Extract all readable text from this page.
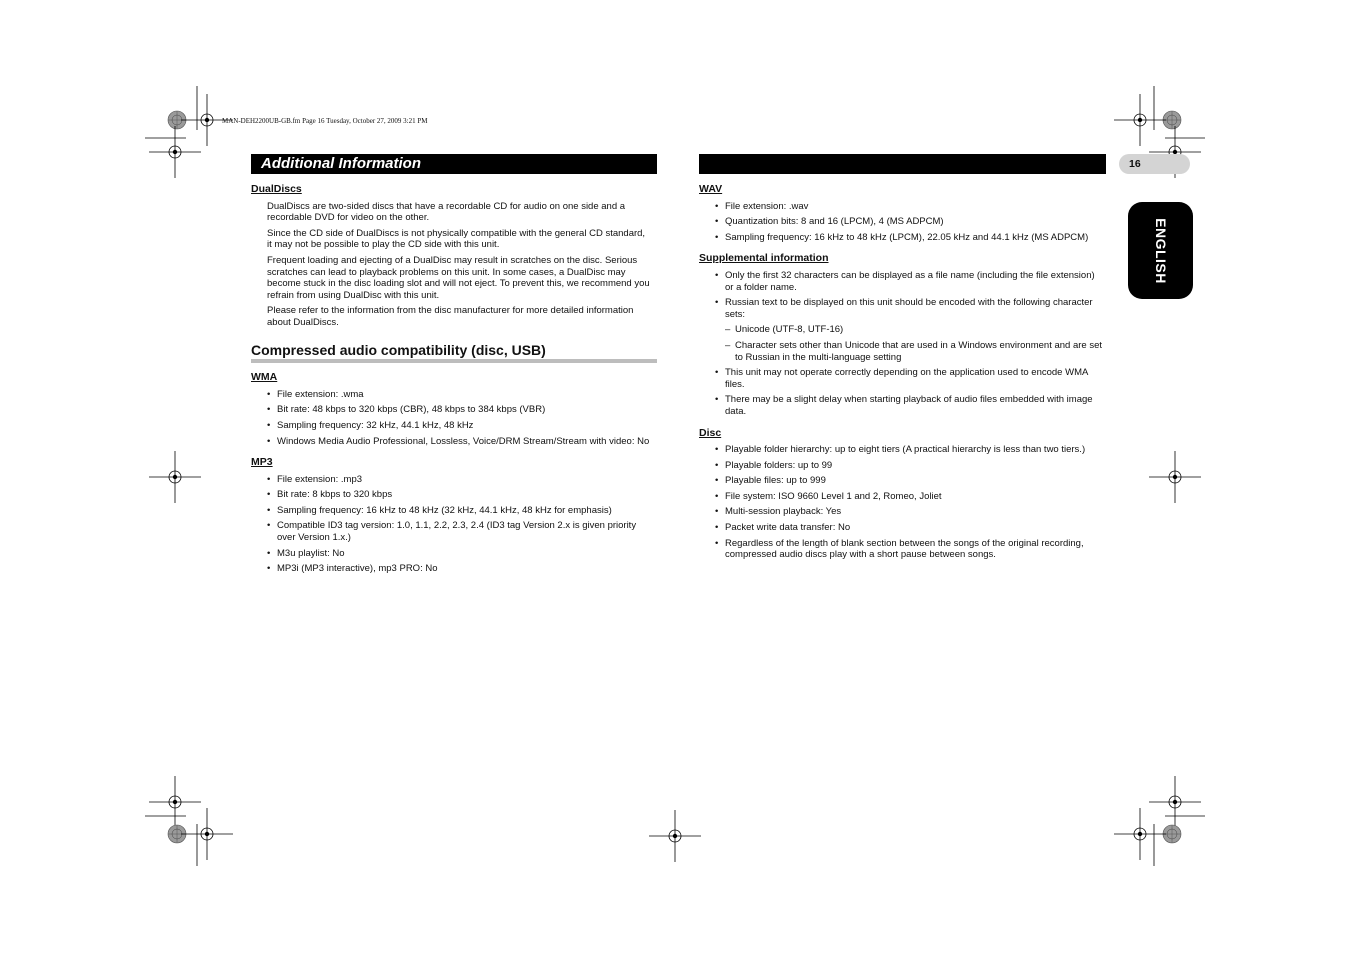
MAN-DEH2200UB-GB.fm Page 16 Tuesday, October 27, 2009 3:21 PM
Additional Information	16
ENGLISH
DualDiscs

DualDiscs are two-sided discs that have a recordable CD for audio on one side and a recordable DVD for video on the other.

Since the CD side of DualDiscs is not physically compatible with the general CD standard, it may not be possible to play the CD side with this unit.

Frequent loading and ejecting of a DualDisc may result in scratches on the disc. Serious scratches can lead to playback problems on this unit. In some cases, a DualDisc may become stuck in the disc loading slot and will not eject. To prevent this, we recommend you refrain from using DualDisc with this unit.

Please refer to the information from the disc manufacturer for more detailed information about DualDiscs.

Compressed audio compatibility (disc, USB)
WMA
• File extension: .wma
• Bit rate: 48 kbps to 320 kbps (CBR), 48 kbps to 384 kbps (VBR)
• Sampling frequency: 32 kHz, 44.1 kHz, 48 kHz
• Windows Media Audio Professional, Lossless, Voice/DRM Stream/Stream with video: No
MP3
• File extension: .mp3
• Bit rate: 8 kbps to 320 kbps
• Sampling frequency: 16 kHz to 48 kHz (32 kHz, 44.1 kHz, 48 kHz for emphasis)
• Compatible ID3 tag version: 1.0, 1.1, 2.2, 2.3, 2.4 (ID3 tag Version 2.x is given priority over Version 1.x.)
• M3u playlist: No
• MP3i (MP3 interactive), mp3 PRO: No
WAV
• File extension: .wav
• Quantization bits: 8 and 16 (LPCM), 4 (MS ADPCM)
• Sampling frequency: 16 kHz to 48 kHz (LPCM), 22.05 kHz and 44.1 kHz (MS ADPCM)
Supplemental information
• Only the first 32 characters can be displayed as a file name (including the file extension) or a folder name.
• Russian text to be displayed on this unit should be encoded with the following character sets:
– Unicode (UTF-8, UTF-16)
– Character sets other than Unicode that are used in a Windows environment and are set to Russian in the multi-language setting
• This unit may not operate correctly depending on the application used to encode WMA files.
• There may be a slight delay when starting playback of audio files embedded with image data.
Disc
• Playable folder hierarchy: up to eight tiers (A practical hierarchy is less than two tiers.)
• Playable folders: up to 99
• Playable files: up to 999
• File system: ISO 9660 Level 1 and 2, Romeo, Joliet
• Multi-session playback: Yes
• Packet write data transfer: No
• Regardless of the length of blank section between the songs of the original recording, compressed audio discs play with a short pause between songs.
